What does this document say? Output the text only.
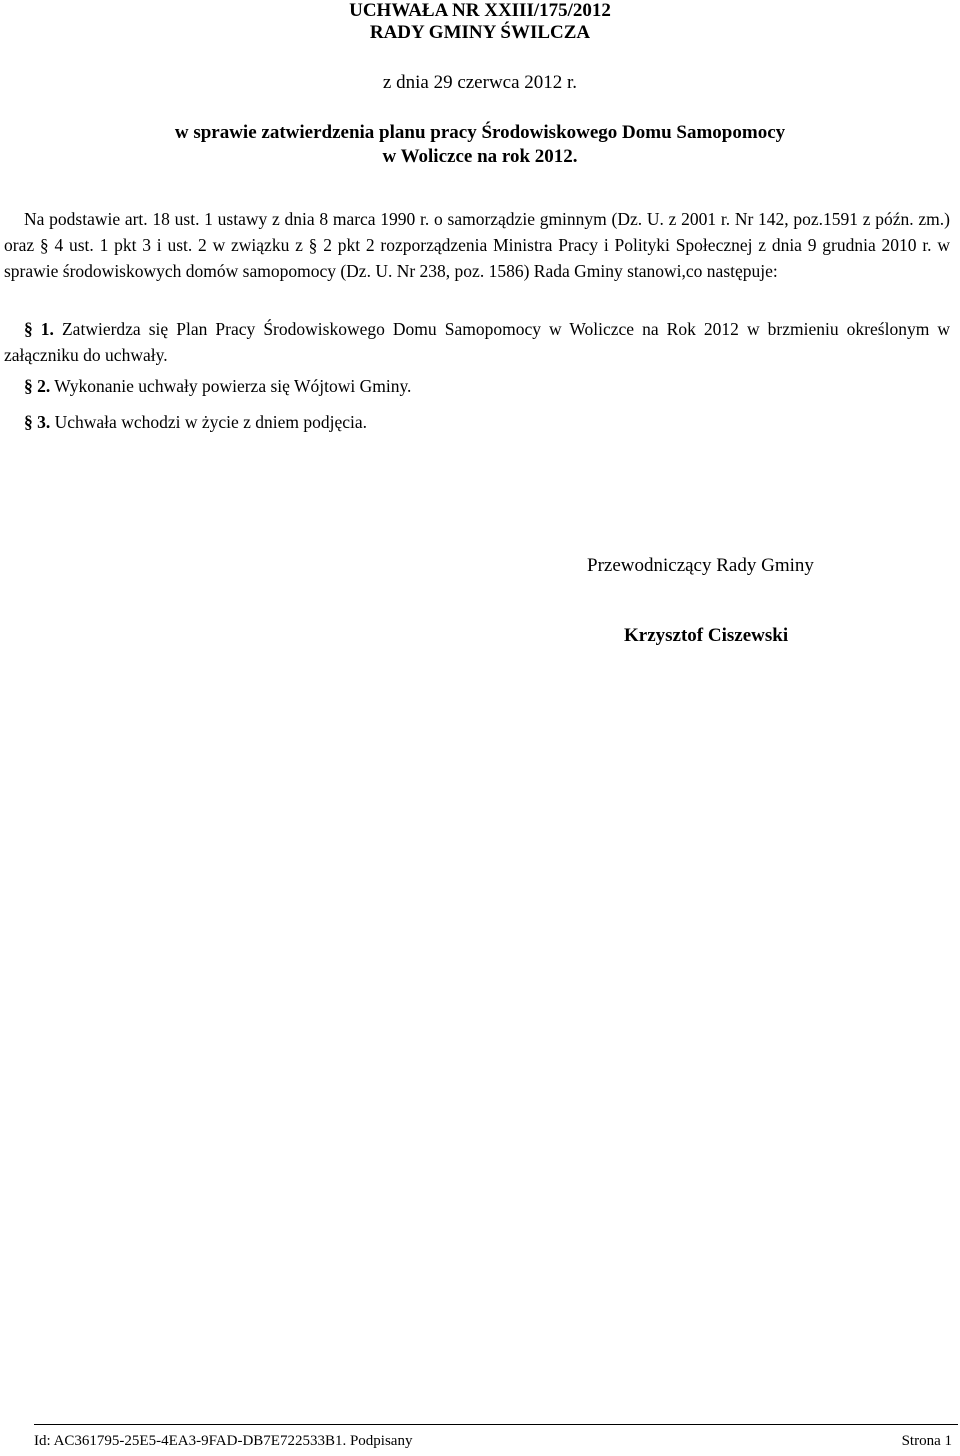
UCHWAŁA NR XXIII/175/2012
RADY GMINY ŚWILCZA
z dnia 29 czerwca 2012 r.
w sprawie zatwierdzenia planu pracy Środowiskowego Domu Samopomocy
w Woliczce na rok 2012.
Na podstawie art. 18 ust. 1 ustawy z dnia 8 marca 1990 r. o samorządzie gminnym (Dz. U. z 2001 r. Nr 142, poz.1591 z późn. zm.) oraz § 4 ust. 1 pkt 3 i ust. 2 w związku z § 2 pkt 2 rozporządzenia Ministra Pracy i Polityki Społecznej z dnia 9 grudnia 2010 r. w sprawie środowiskowych domów samopomocy (Dz. U. Nr 238, poz. 1586) Rada Gminy stanowi,co następuje:
§ 1. Zatwierdza się Plan Pracy Środowiskowego Domu Samopomocy w Woliczce na Rok 2012 w brzmieniu określonym w załączniku do uchwały.
§ 2. Wykonanie uchwały powierza się Wójtowi Gminy.
§ 3. Uchwała wchodzi w życie z dniem podjęcia.
Przewodniczący Rady Gminy
Krzysztof Ciszewski
Id: AC361795-25E5-4EA3-9FAD-DB7E722533B1. Podpisany	Strona 1
